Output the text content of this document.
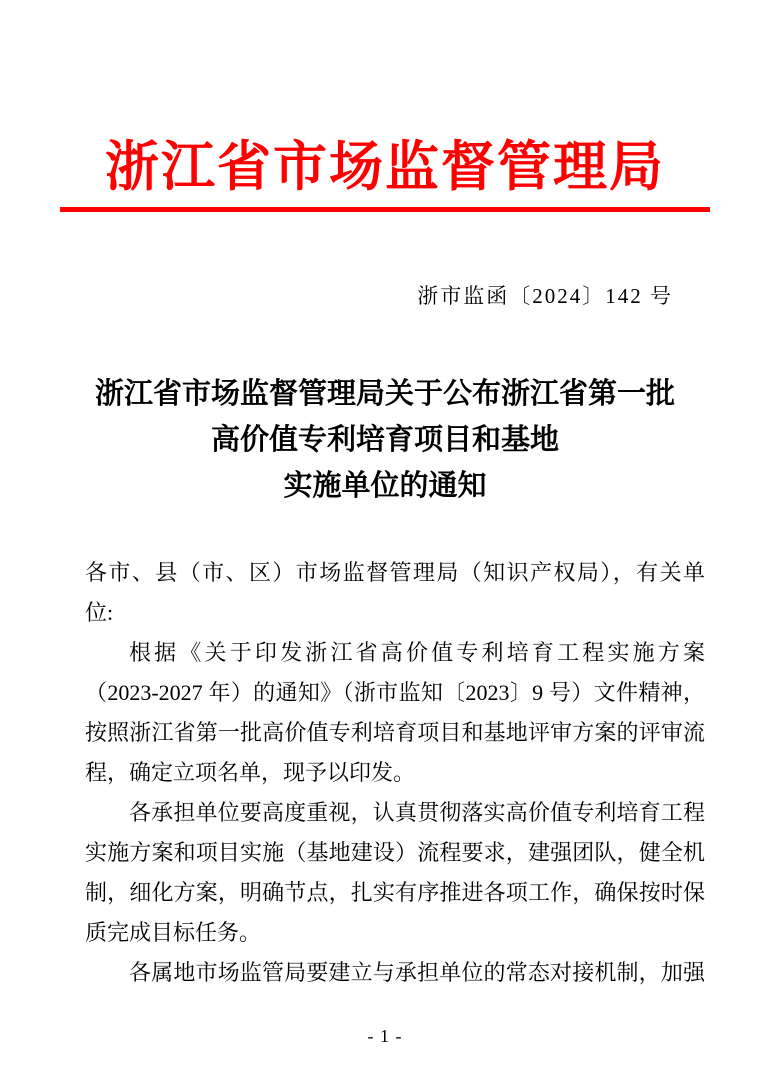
浙江省市场监督管理局
浙市监函〔2024〕142 号
浙江省市场监督管理局关于公布浙江省第一批
高价值专利培育项目和基地
实施单位的通知
各市、县（市、区）市场监督管理局（知识产权局），有关单
位:
根据《关于印发浙江省高价值专利培育工程实施方案
（2023-2027 年）的通知》（浙市监知〔2023〕9 号）文件精神，
按照浙江省第一批高价值专利培育项目和基地评审方案的评审流
程，确定立项名单，现予以印发。
各承担单位要高度重视，认真贯彻落实高价值专利培育工程
实施方案和项目实施（基地建设）流程要求，建强团队，健全机
制，细化方案，明确节点，扎实有序推进各项工作，确保按时保
质完成目标任务。
各属地市场监管局要建立与承担单位的常态对接机制，加强
- 1 -
